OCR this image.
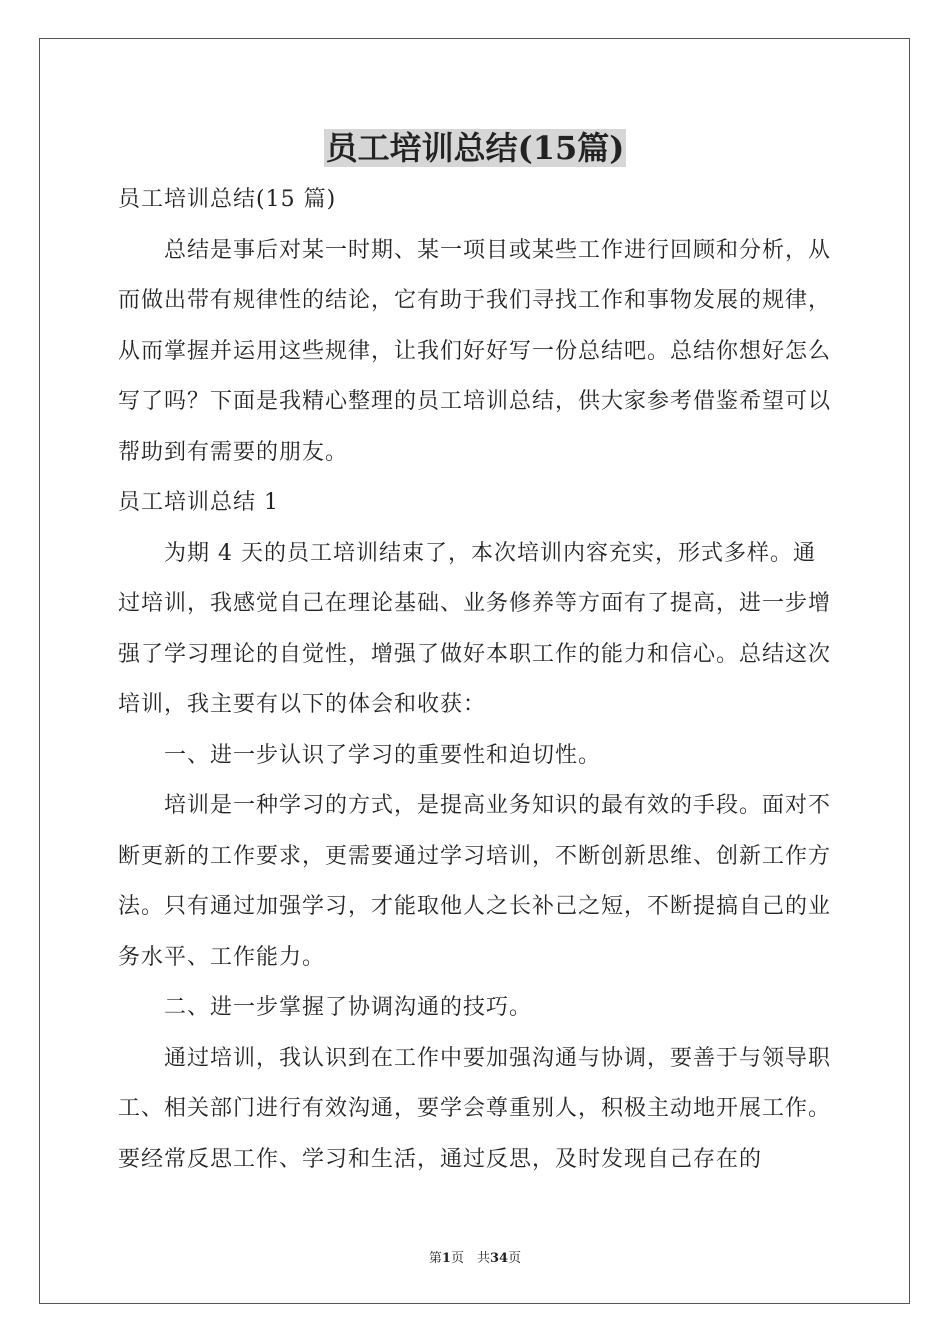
员工培训总结(15篇)

员工培训总结(15 篇)

总结是事后对某一时期、某一项目或某些工作进行回顾和分析，从而做出带有规律性的结论，它有助于我们寻找工作和事物发展的规律，从而掌握并运用这些规律，让我们好好写一份总结吧。总结你想好怎么写了吗？下面是我精心整理的员工培训总结，供大家参考借鉴希望可以帮助到有需要的朋友。

员工培训总结 1

为期 4 天的员工培训结束了，本次培训内容充实，形式多样。通过培训，我感觉自己在理论基础、业务修养等方面有了提高，进一步增强了学习理论的自觉性，增强了做好本职工作的能力和信心。总结这次培训，我主要有以下的体会和收获：

一、进一步认识了学习的重要性和迫切性。

培训是一种学习的方式，是提高业务知识的最有效的手段。面对不断更新的工作要求，更需要通过学习培训，不断创新思维、创新工作方法。只有通过加强学习，才能取他人之长补己之短，不断提搞自己的业务水平、工作能力。

二、进一步掌握了协调沟通的技巧。

通过培训，我认识到在工作中要加强沟通与协调，要善于与领导职工、相关部门进行有效沟通，要学会尊重别人，积极主动地开展工作。要经常反思工作、学习和生活，通过反思，及时发现自己存在的

第1页　共34页
